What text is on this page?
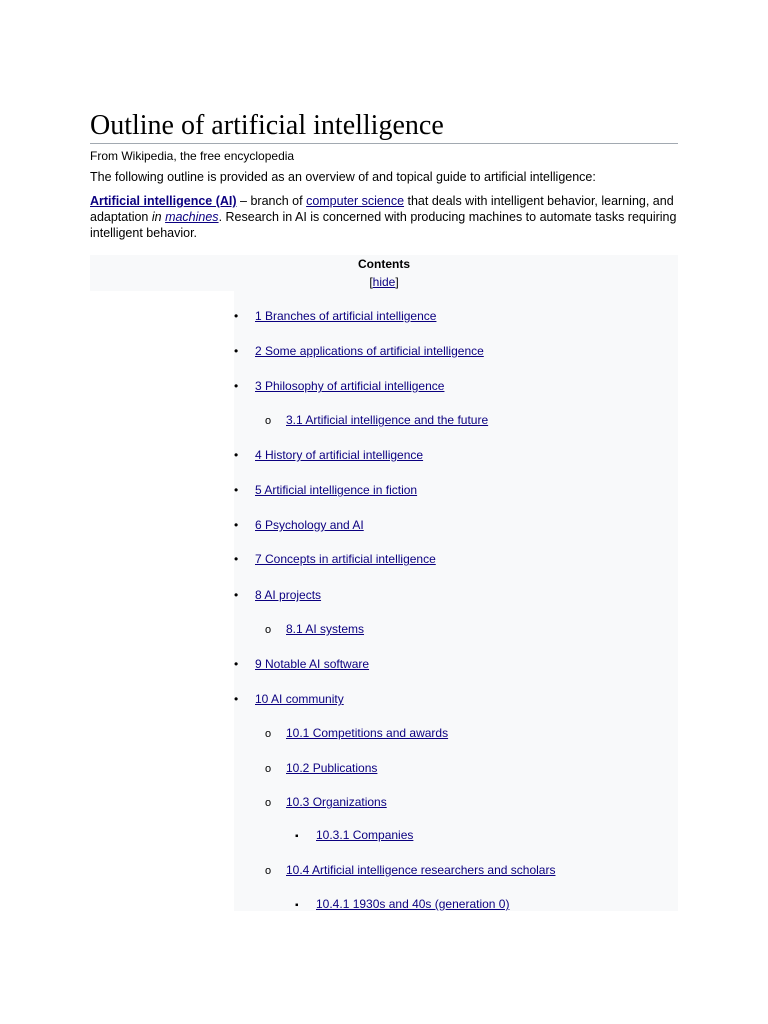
Outline of artificial intelligence
From Wikipedia, the free encyclopedia

The following outline is provided as an overview of and topical guide to artificial intelligence:

Artificial intelligence (AI) – branch of computer science that deals with intelligent behavior, learning, and adaptation in machines. Research in AI is concerned with producing machines to automate tasks requiring intelligent behavior.

Contents
[hide]
•
1 Branches of artificial intelligence
•
2 Some applications of artificial intelligence
•
3 Philosophy of artificial intelligence
o
3.1 Artificial intelligence and the future
•
4 History of artificial intelligence
•
5 Artificial intelligence in fiction
•
6 Psychology and AI
•
7 Concepts in artificial intelligence
•
8 AI projects
o
8.1 AI systems
•
9 Notable AI software
•
10 AI community
o
10.1 Competitions and awards
o
10.2 Publications
o
10.3 Organizations
▪
10.3.1 Companies
o
10.4 Artificial intelligence researchers and scholars
▪
10.4.1 1930s and 40s (generation 0)
